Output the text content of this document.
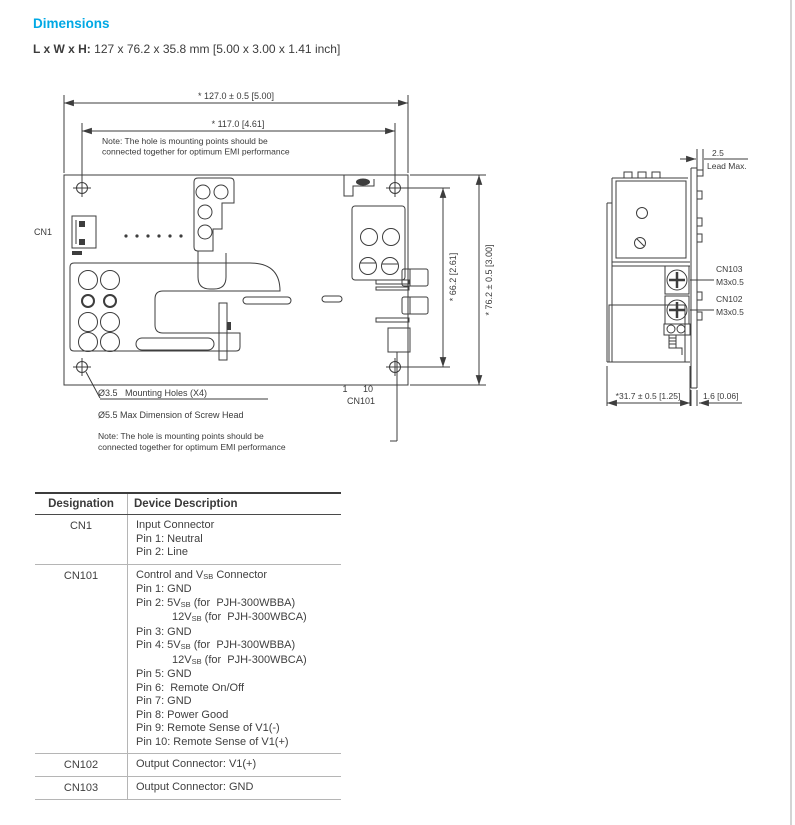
Dimensions
L x W x H: 127 x 76.2 x 35.8 mm [5.00 x 3.00 x 1.41 inch]
* 127.0 ± 0.5 [5.00]
* 117.0 [4.61]
Note: The hole is mounting points should be
connected together for optimum EMI performance
CN1
* 66.2 [2.61]	* 76.2 ± 0.5 [3.00]
Ø3.5   Mounting Holes (X4)
Ø5.5 Max Dimension of Screw Head
Note: The hole is mounting points should be
connected together for optimum EMI performance
1 10
CN101
2.5
Lead Max.
CN103
M3x0.5
CN102
M3x0.5
*31.7 ± 0.5 [1.25]	1.6 [0.06]
Designation	Device Description
CN1	Input Connector
Pin 1: Neutral
Pin 2: Line

CN101	Control and VSB Connector
Pin 1: GND
Pin 2: 5VSB (for  PJH-300WBBA)
12VSB (for  PJH-300WBCA)
Pin 3: GND
Pin 4: 5VSB (for  PJH-300WBBA)
12VSB (for  PJH-300WBCA)
Pin 5: GND
Pin 6:  Remote On/Off
Pin 7: GND
Pin 8: Power Good
Pin 9: Remote Sense of V1(-)
Pin 10: Remote Sense of V1(+)

CN102	Output Connector: V1(+)

CN103	Output Connector: GND
